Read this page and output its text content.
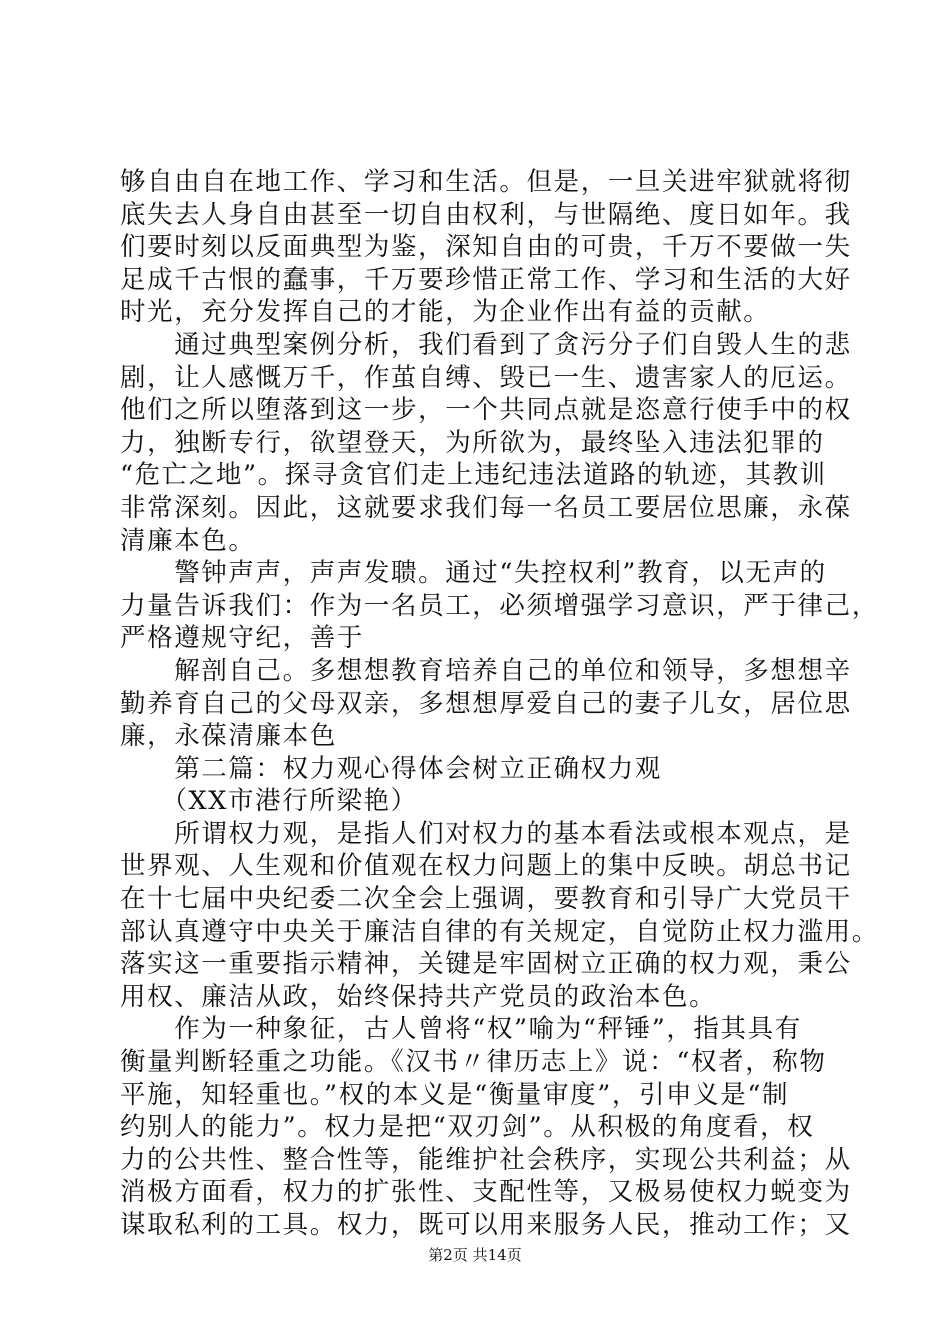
够自由自在地工作、学习和生活。但是，一旦关进牢狱就将彻
底失去人身自由甚至一切自由权利，与世隔绝、度日如年。我
们要时刻以反面典型为鉴，深知自由的可贵，千万不要做一失
足成千古恨的蠢事，千万要珍惜正常工作、学习和生活的大好
时光，充分发挥自己的才能，为企业作出有益的贡献。
　　通过典型案例分析，我们看到了贪污分子们自毁人生的悲
剧，让人感慨万千，作茧自缚、毁已一生、遗害家人的厄运。
他们之所以堕落到这一步，一个共同点就是恣意行使手中的权
力，独断专行，欲望登天，为所欲为，最终坠入违法犯罪的
“危亡之地”。探寻贪官们走上违纪违法道路的轨迹，其教训
非常深刻。因此，这就要求我们每一名员工要居位思廉，永葆
清廉本色。
　　警钟声声，声声发聩。通过“失控权利”教育，以无声的
力量告诉我们：作为一名员工，必须增强学习意识，严于律己，
严格遵规守纪，善于
　　解剖自己。多想想教育培养自己的单位和领导，多想想辛
勤养育自己的父母双亲，多想想厚爱自己的妻子儿女，居位思
廉，永葆清廉本色
　　第二篇：权力观心得体会树立正确权力观
　　（XX市港行所梁艳）
　　所谓权力观，是指人们对权力的基本看法或根本观点，是
世界观、人生观和价值观在权力问题上的集中反映。胡总书记
在十七届中央纪委二次全会上强调，要教育和引导广大党员干
部认真遵守中央关于廉洁自律的有关规定，自觉防止权力滥用。
落实这一重要指示精神，关键是牢固树立正确的权力观，秉公
用权、廉洁从政，始终保持共产党员的政治本色。
　　作为一种象征，古人曾将“权”喻为“秤锤”，指其具有
衡量判断轻重之功能。《汉书〃律历志上》说：“权者，称物
平施，知轻重也。”权的本义是“衡量审度”，引申义是“制
约别人的能力”。权力是把“双刃剑”。从积极的角度看，权
力的公共性、整合性等，能维护社会秩序，实现公共利益；从
消极方面看，权力的扩张性、支配性等，又极易使权力蜕变为
谋取私利的工具。权力，既可以用来服务人民，推动工作；又
第2页 共14页
